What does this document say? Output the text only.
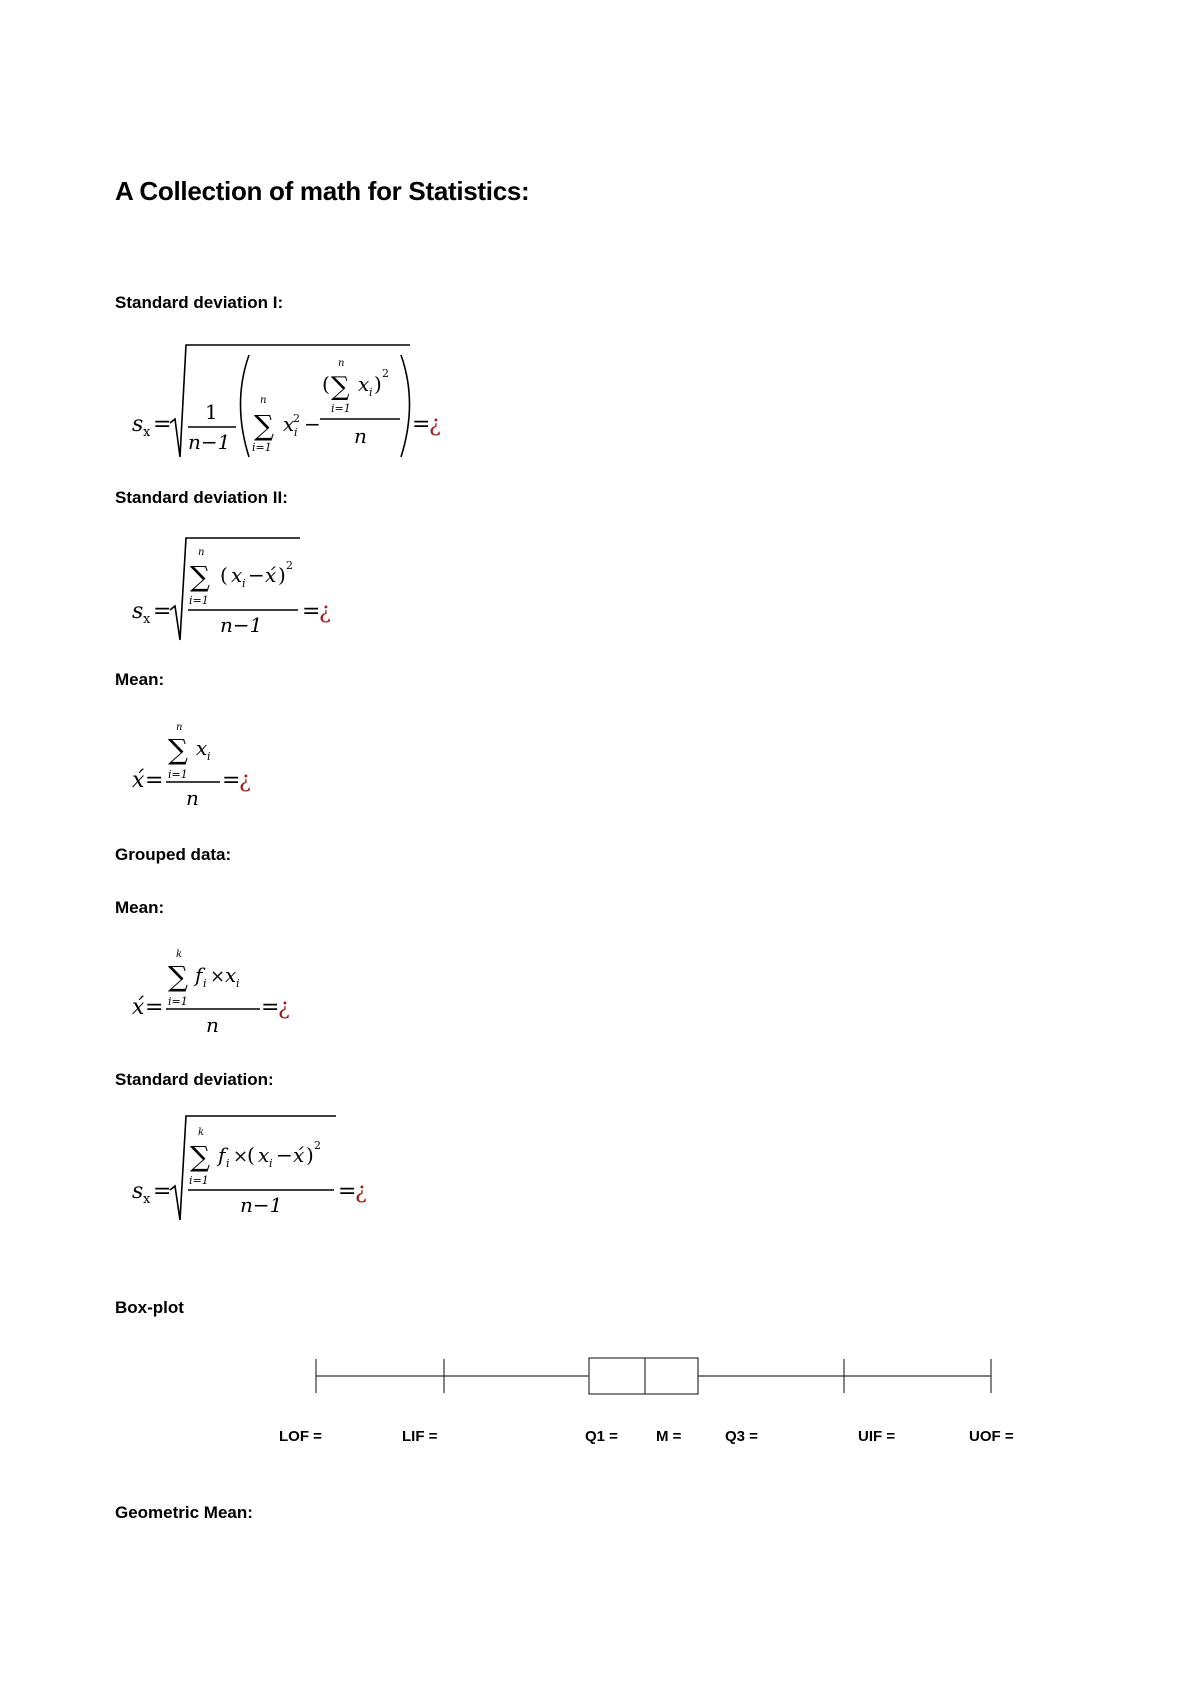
A Collection of math for Statistics:
Standard deviation I:
s x = 1
n−1 ∑
n
i=1
x
2
i −
( ∑
n
i=1
x i ) 2
n =
¿
Standard deviation II:
s x =
∑
n
i=1
( x i − x́ ) 2
n−1
=
¿
Mean:
x́ =
∑
n
i=1
x i
n
=
¿
Grouped data:
Mean:
x́ =
∑
k
i=1
f i × x i
n
=
¿
Standard deviation:
s x =
∑
k
i=1
f i ×
( x i − x́ ) 2
n−1
=
¿
Box-plot
LOF =	LIF =	Q1 =	M =	Q3 =	UIF =	UOF =
Geometric Mean:
